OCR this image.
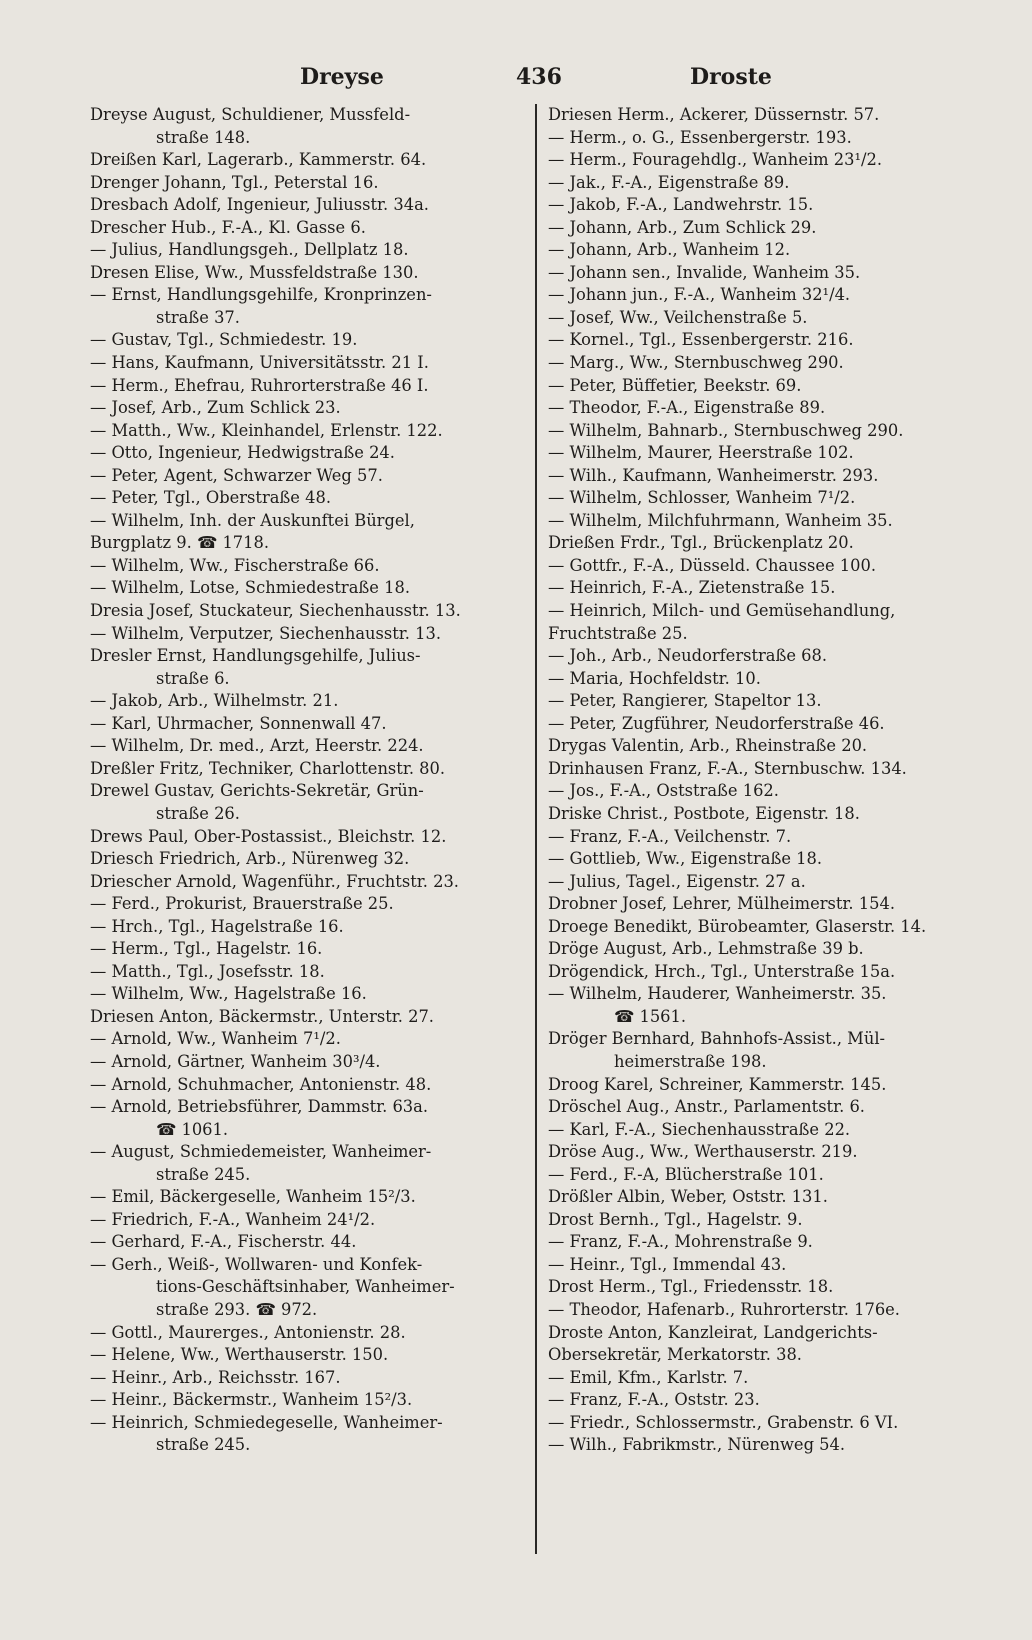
Dreyse	436	Droste
Dreyse August, Schuldiener, Mussfeld-
straße 148.
Dreißen Karl, Lagerarb., Kammerstr. 64.
Drenger Johann, Tgl., Peterstal 16.
Dresbach Adolf, Ingenieur, Juliusstr. 34a.
Drescher Hub., F.-A., Kl. Gasse 6.
— Julius, Handlungsgeh., Dellplatz 18.
Dresen Elise, Ww., Mussfeldstraße 130.
— Ernst, Handlungsgehilfe, Kronprinzen-
straße 37.
— Gustav, Tgl., Schmiedestr. 19.
— Hans, Kaufmann, Universitätsstr. 21 I.
— Herm., Ehefrau, Ruhrorterstraße 46 I.
— Josef, Arb., Zum Schlick 23.
— Matth., Ww., Kleinhandel, Erlenstr. 122.
— Otto, Ingenieur, Hedwigstraße 24.
— Peter, Agent, Schwarzer Weg 57.
— Peter, Tgl., Oberstraße 48.
— Wilhelm, Inh. der Auskunftei Bürgel,
Burgplatz 9. ☎ 1718.
— Wilhelm, Ww., Fischerstraße 66.
— Wilhelm, Lotse, Schmiedestraße 18.
Dresia Josef, Stuckateur, Siechenhausstr. 13.
— Wilhelm, Verputzer, Siechenhausstr. 13.
Dresler Ernst, Handlungsgehilfe, Julius-
straße 6.
— Jakob, Arb., Wilhelmstr. 21.
— Karl, Uhrmacher, Sonnenwall 47.
— Wilhelm, Dr. med., Arzt, Heerstr. 224.
Dreßler Fritz, Techniker, Charlottenstr. 80.
Drewel Gustav, Gerichts-Sekretär, Grün-
straße 26.
Drews Paul, Ober-Postassist., Bleichstr. 12.
Driesch Friedrich, Arb., Nürenweg 32.
Driescher Arnold, Wagenführ., Fruchtstr. 23.
— Ferd., Prokurist, Brauerstraße 25.
— Hrch., Tgl., Hagelstraße 16.
— Herm., Tgl., Hagelstr. 16.
— Matth., Tgl., Josefsstr. 18.
— Wilhelm, Ww., Hagelstraße 16.
Driesen Anton, Bäckermstr., Unterstr. 27.
— Arnold, Ww., Wanheim 7¹/2.
— Arnold, Gärtner, Wanheim 30³/4.
— Arnold, Schuhmacher, Antonienstr. 48.
— Arnold, Betriebsführer, Dammstr. 63a.
☎ 1061.
— August, Schmiedemeister, Wanheimer-
straße 245.
— Emil, Bäckergeselle, Wanheim 15²/3.
— Friedrich, F.-A., Wanheim 24¹/2.
— Gerhard, F.-A., Fischerstr. 44.
— Gerh., Weiß-, Wollwaren- und Konfek-
tions-Geschäftsinhaber, Wanheimer-
straße 293. ☎ 972.
— Gottl., Maurerges., Antonienstr. 28.
— Helene, Ww., Werthauserstr. 150.
— Heinr., Arb., Reichsstr. 167.
— Heinr., Bäckermstr., Wanheim 15²/3.
— Heinrich, Schmiedegeselle, Wanheimer-
straße 245.
Driesen Herm., Ackerer, Düssernstr. 57.
— Herm., o. G., Essenbergerstr. 193.
— Herm., Fouragehdlg., Wanheim 23¹/2.
— Jak., F.-A., Eigenstraße 89.
— Jakob, F.-A., Landwehrstr. 15.
— Johann, Arb., Zum Schlick 29.
— Johann, Arb., Wanheim 12.
— Johann sen., Invalide, Wanheim 35.
— Johann jun., F.-A., Wanheim 32¹/4.
— Josef, Ww., Veilchenstraße 5.
— Kornel., Tgl., Essenbergerstr. 216.
— Marg., Ww., Sternbuschweg 290.
— Peter, Büffetier, Beekstr. 69.
— Theodor, F.-A., Eigenstraße 89.
— Wilhelm, Bahnarb., Sternbuschweg 290.
— Wilhelm, Maurer, Heerstraße 102.
— Wilh., Kaufmann, Wanheimerstr. 293.
— Wilhelm, Schlosser, Wanheim 7¹/2.
— Wilhelm, Milchfuhrmann, Wanheim 35.
Drießen Frdr., Tgl., Brückenplatz 20.
— Gottfr., F.-A., Düsseld. Chaussee 100.
— Heinrich, F.-A., Zietenstraße 15.
— Heinrich, Milch- und Gemüsehandlung,
Fruchtstraße 25.
— Joh., Arb., Neudorferstraße 68.
— Maria, Hochfeldstr. 10.
— Peter, Rangierer, Stapeltor 13.
— Peter, Zugführer, Neudorferstraße 46.
Drygas Valentin, Arb., Rheinstraße 20.
Drinhausen Franz, F.-A., Sternbuschw. 134.
— Jos., F.-A., Oststraße 162.
Driske Christ., Postbote, Eigenstr. 18.
— Franz, F.-A., Veilchenstr. 7.
— Gottlieb, Ww., Eigenstraße 18.
— Julius, Tagel., Eigenstr. 27 a.
Drobner Josef, Lehrer, Mülheimerstr. 154.
Droege Benedikt, Bürobeamter, Glaserstr. 14.
Dröge August, Arb., Lehmstraße 39 b.
Drögendick, Hrch., Tgl., Unterstraße 15a.
— Wilhelm, Hauderer, Wanheimerstr. 35.
☎ 1561.
Dröger Bernhard, Bahnhofs-Assist., Mül-
heimerstraße 198.
Droog Karel, Schreiner, Kammerstr. 145.
Dröschel Aug., Anstr., Parlamentstr. 6.
— Karl, F.-A., Siechenhausstraße 22.
Dröse Aug., Ww., Werthauserstr. 219.
— Ferd., F.-A, Blücherstraße 101.
Drößler Albin, Weber, Oststr. 131.
Drost Bernh., Tgl., Hagelstr. 9.
— Franz, F.-A., Mohrenstraße 9.
— Heinr., Tgl., Immendal 43.
Drost Herm., Tgl., Friedensstr. 18.
— Theodor, Hafenarb., Ruhrorterstr. 176e.
Droste Anton, Kanzleirat, Landgerichts-
Obersekretär, Merkatorstr. 38.
— Emil, Kfm., Karlstr. 7.
— Franz, F.-A., Oststr. 23.
— Friedr., Schlossermstr., Grabenstr. 6 VI.
— Wilh., Fabrikmstr., Nürenweg 54.
